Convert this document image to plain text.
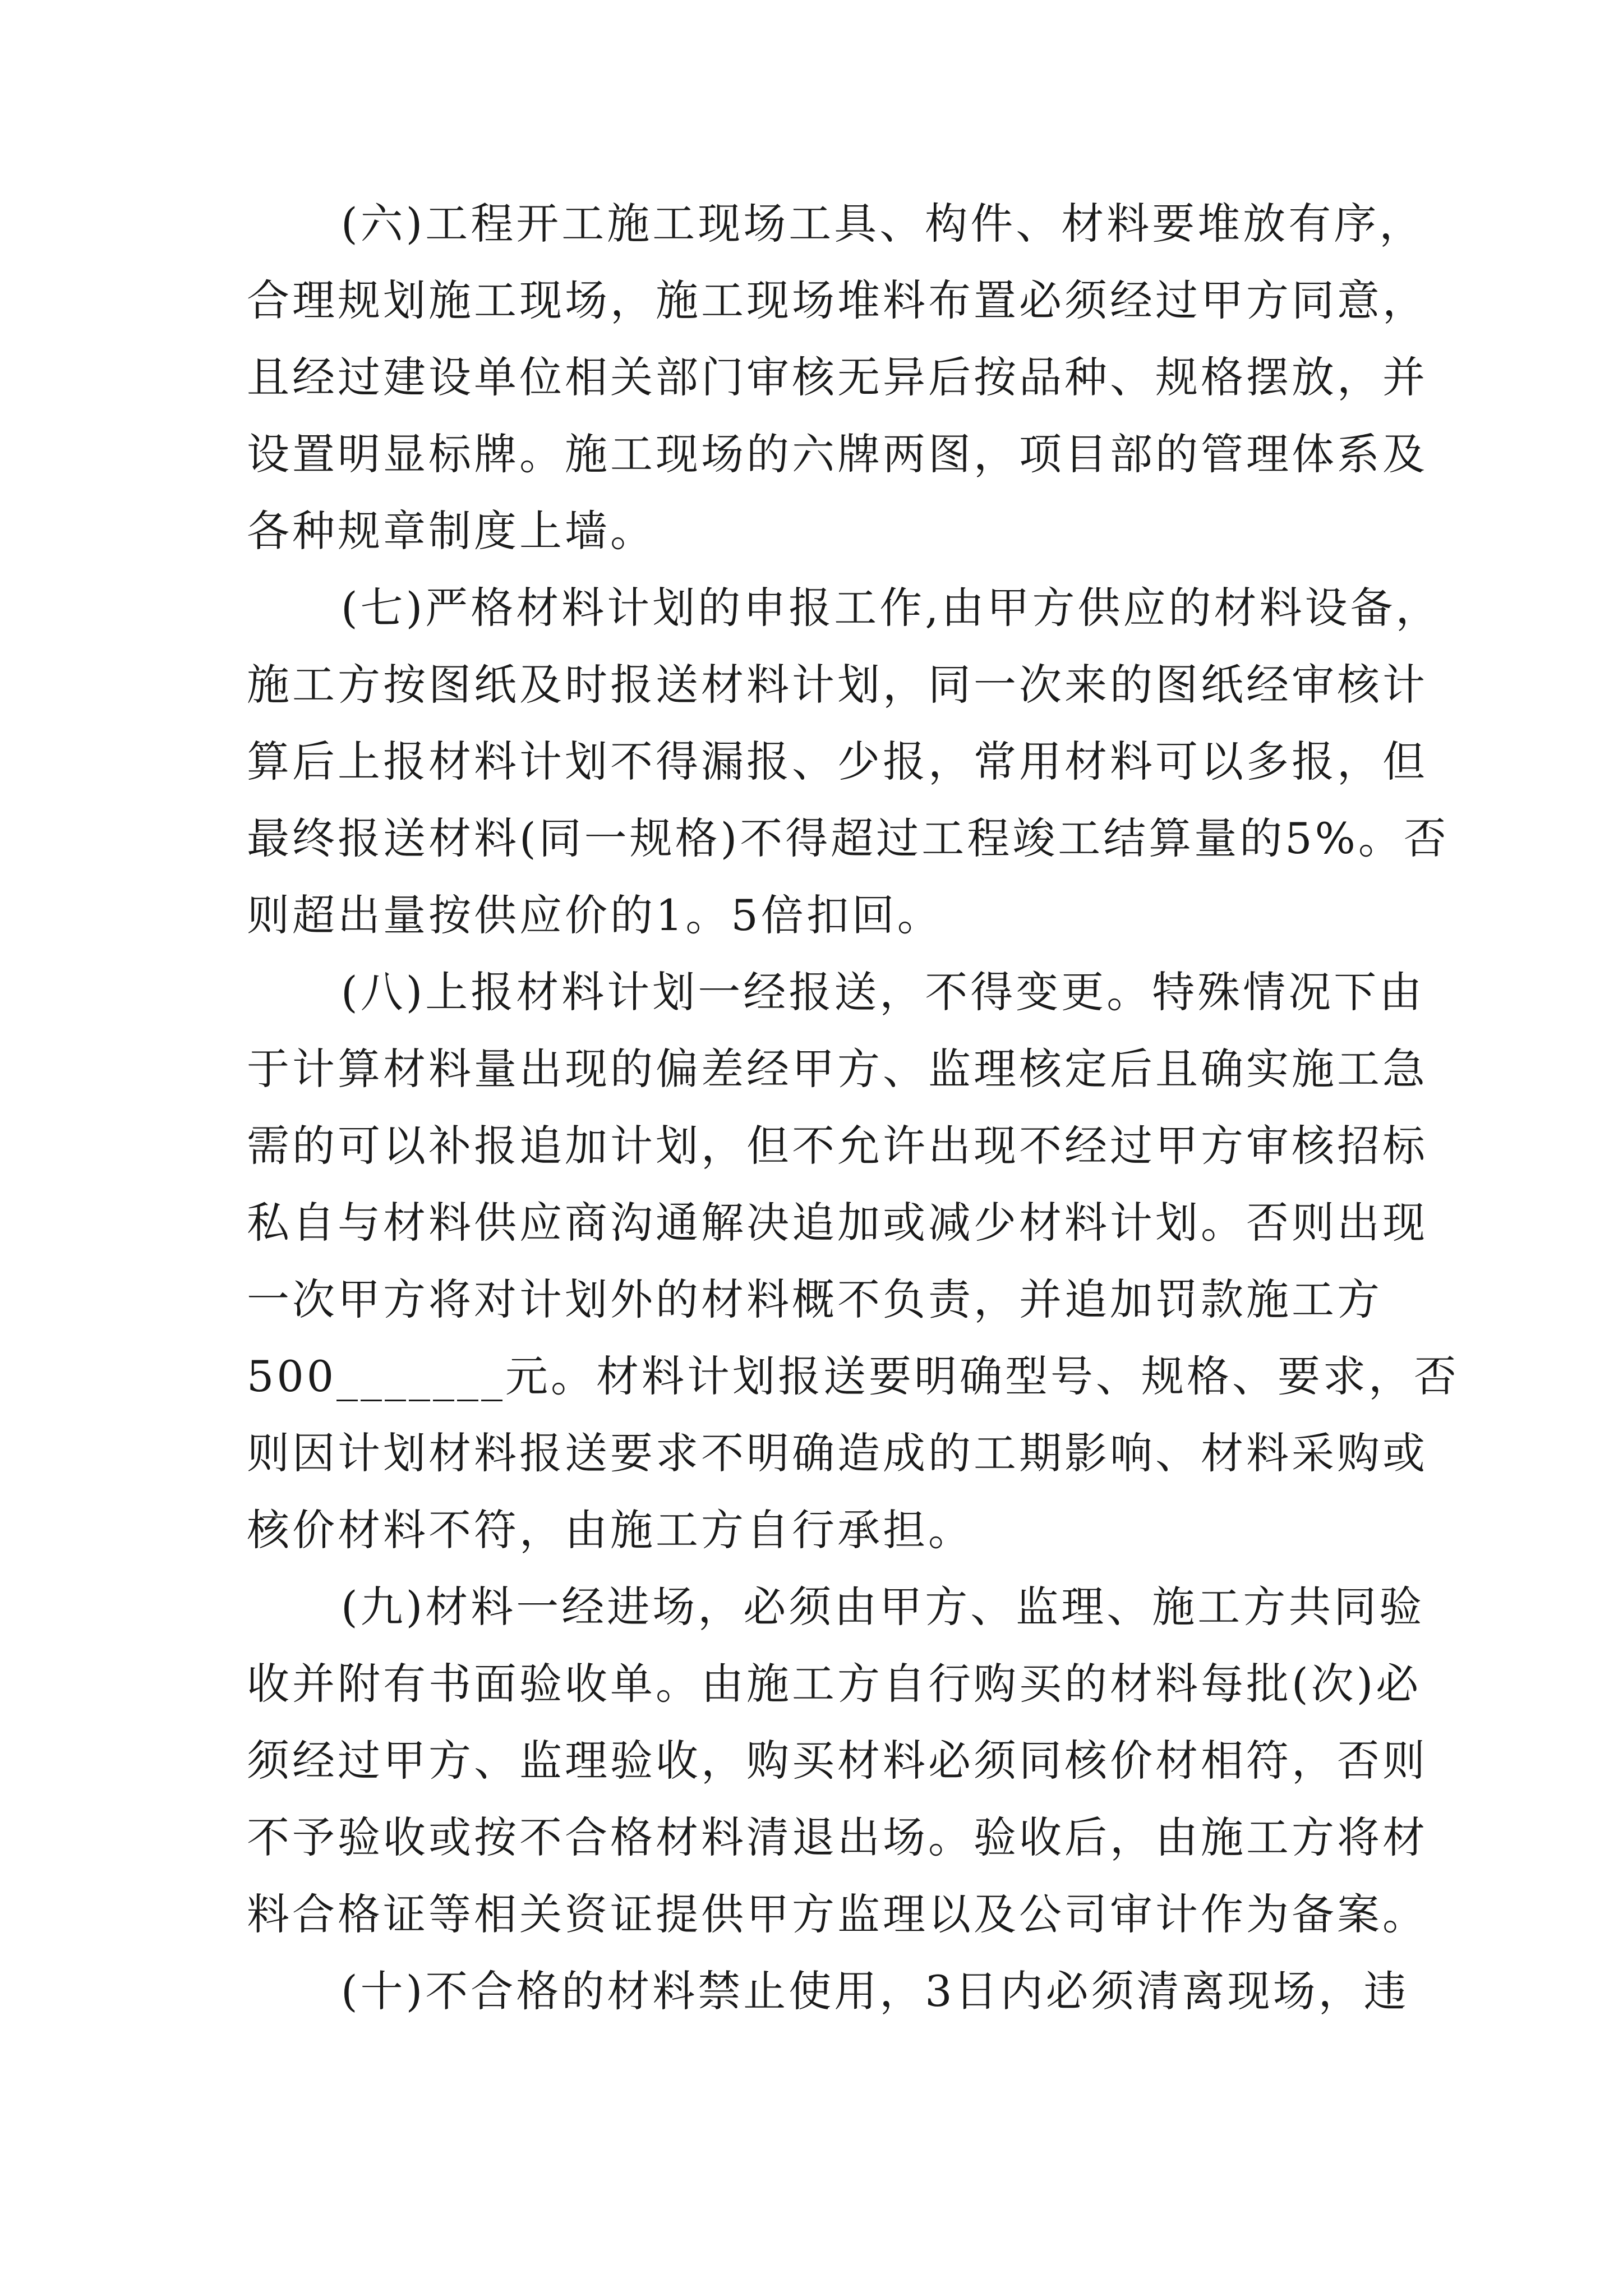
(六)工程开工施工现场工具、构件、材料要堆放有序，
合理规划施工现场，施工现场堆料布置必须经过甲方同意，
且经过建设单位相关部门审核无异后按品种、规格摆放，并
设置明显标牌。施工现场的六牌两图，项目部的管理体系及
各种规章制度上墙。
(七)严格材料计划的申报工作,由甲方供应的材料设备，
施工方按图纸及时报送材料计划，同一次来的图纸经审核计
算后上报材料计划不得漏报、少报，常用材料可以多报，但
最终报送材料(同一规格)不得超过工程竣工结算量的5%。否
则超出量按供应价的1。5倍扣回。
(八)上报材料计划一经报送，不得变更。特殊情况下由
于计算材料量出现的偏差经甲方、监理核定后且确实施工急
需的可以补报追加计划，但不允许出现不经过甲方审核招标
私自与材料供应商沟通解决追加或减少材料计划。否则出现
一次甲方将对计划外的材料概不负责，并追加罚款施工方
500_______元。材料计划报送要明确型号、规格、要求，否
则因计划材料报送要求不明确造成的工期影响、材料采购或
核价材料不符，由施工方自行承担。
(九)材料一经进场，必须由甲方、监理、施工方共同验
收并附有书面验收单。由施工方自行购买的材料每批(次)必
须经过甲方、监理验收，购买材料必须同核价材相符，否则
不予验收或按不合格材料清退出场。验收后，由施工方将材
料合格证等相关资证提供甲方监理以及公司审计作为备案。
(十)不合格的材料禁止使用，3日内必须清离现场，违
